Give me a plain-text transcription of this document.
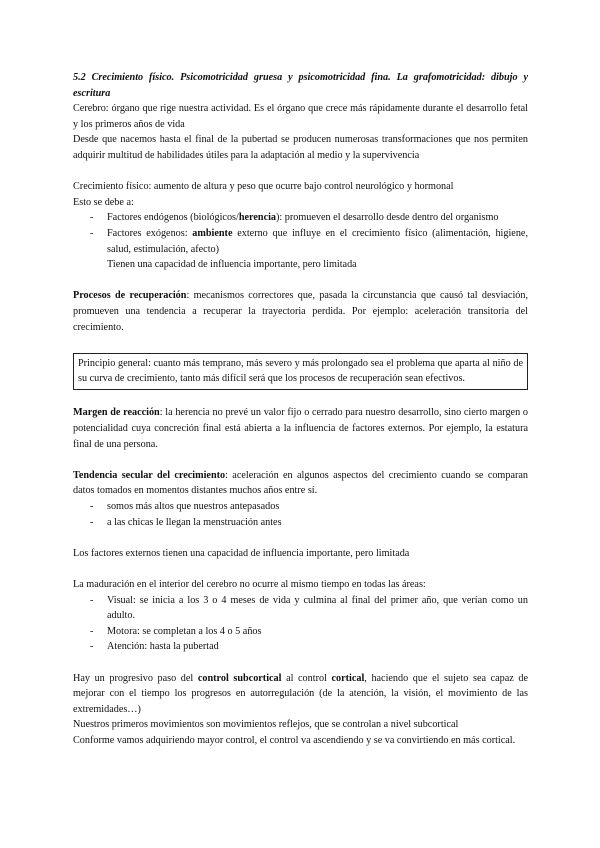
5.2 Crecimiento físico. Psicomotricidad gruesa y psicomotricidad fina. La grafomotricidad: dibujo y escritura

Cerebro: órgano que rige nuestra actividad. Es el órgano que crece más rápidamente durante el desarrollo fetal y los primeros años de vida

Desde que nacemos hasta el final de la pubertad se producen numerosas transformaciones que nos permiten adquirir multitud de habilidades útiles para la adaptación al medio y la supervivencia

Crecimiento físico: aumento de altura y peso que ocurre bajo control neurológico y hormonal

Esto se debe a:

- Factores endógenos (biológicos/herencia): promueven el desarrollo desde dentro del organismo
- Factores exógenos: ambiente externo que influye en el crecimiento físico (alimentación, higiene, salud, estimulación, afecto)

Tienen una capacidad de influencia importante, pero limitada

Procesos de recuperación: mecanismos correctores que, pasada la circunstancia que causó tal desviación, promueven una tendencia a recuperar la trayectoria perdida. Por ejemplo: aceleración transitoria del crecimiento.

Principio general: cuanto más temprano, más severo y más prolongado sea el problema que aparta al niño de su curva de crecimiento, tanto más difícil será que los procesos de recuperación sean efectivos.

Margen de reacción: la herencia no prevé un valor fijo o cerrado para nuestro desarrollo, sino cierto margen o potencialidad cuya concreción final está abierta a la influencia de factores externos. Por ejemplo, la estatura final de una persona.

Tendencia secular del crecimiento: aceleración en algunos aspectos del crecimiento cuando se comparan datos tomados en momentos distantes muchos años entre sí.

- somos más altos que nuestros antepasados
- a las chicas le llegan la menstruación antes

Los factores externos tienen una capacidad de influencia importante, pero limitada

La maduración en el interior del cerebro no ocurre al mismo tiempo en todas las áreas:

- Visual: se inicia a los 3 o 4 meses de vida y culmina al final del primer año, que verían como un adulto.
- Motora: se completan a los 4 o 5 años
- Atención: hasta la pubertad

Hay un progresivo paso del control subcortical al control cortical, haciendo que el sujeto sea capaz de mejorar con el tiempo los progresos en autorregulación (de la atención, la visión, el movimiento de las extremidades…)

Nuestros primeros movimientos son movimientos reflejos, que se controlan a nivel subcortical

Conforme vamos adquiriendo mayor control, el control va ascendiendo y se va convirtiendo en más cortical.
